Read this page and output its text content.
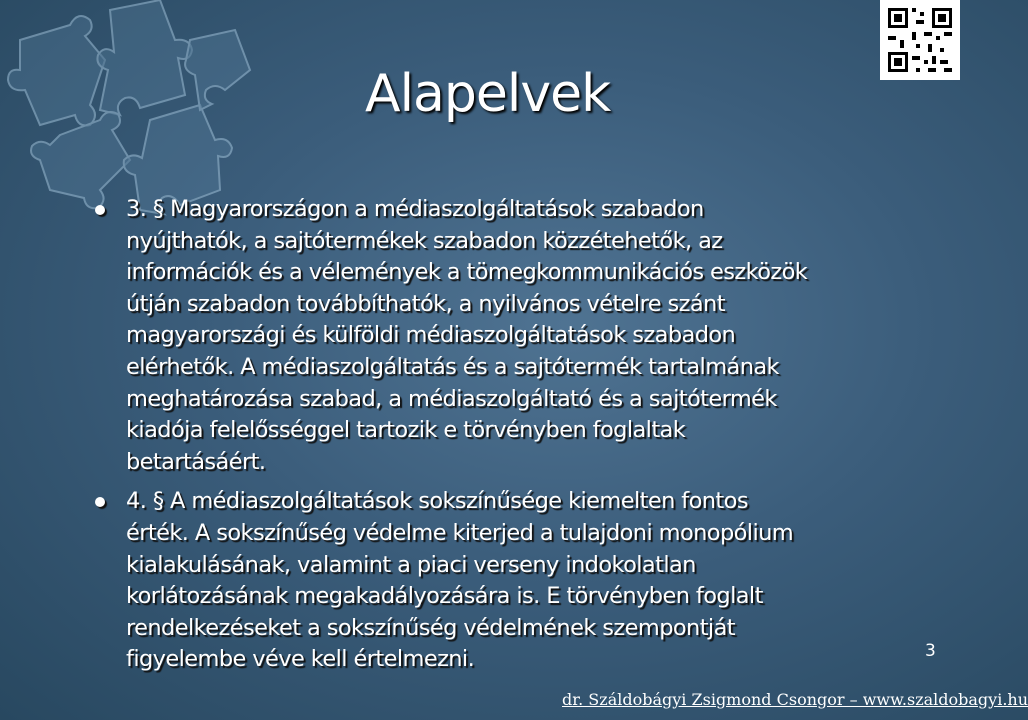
Alapelvek
3. § Magyarországon a médiaszolgáltatások szabadon
nyújthatók, a sajtótermékek szabadon közzétehetők, az
információk és a vélemények a tömegkommunikációs eszközök
útján szabadon továbbíthatók, a nyilvános vételre szánt
magyarországi és külföldi médiaszolgáltatások szabadon
elérhetők. A médiaszolgáltatás és a sajtótermék tartalmának
meghatározása szabad, a médiaszolgáltató és a sajtótermék
kiadója felelősséggel tartozik e törvényben foglaltak
betartásáért.
4. § A médiaszolgáltatások sokszínűsége kiemelten fontos
érték. A sokszínűség védelme kiterjed a tulajdoni monopólium
kialakulásának, valamint a piaci verseny indokolatlan
korlátozásának megakadályozására is. E törvényben foglalt
rendelkezéseket a sokszínűség védelmének szempontját
figyelembe véve kell értelmezni.	3
dr. Száldobágyi Zsigmond Csongor – www.szaldobagyi.hu
